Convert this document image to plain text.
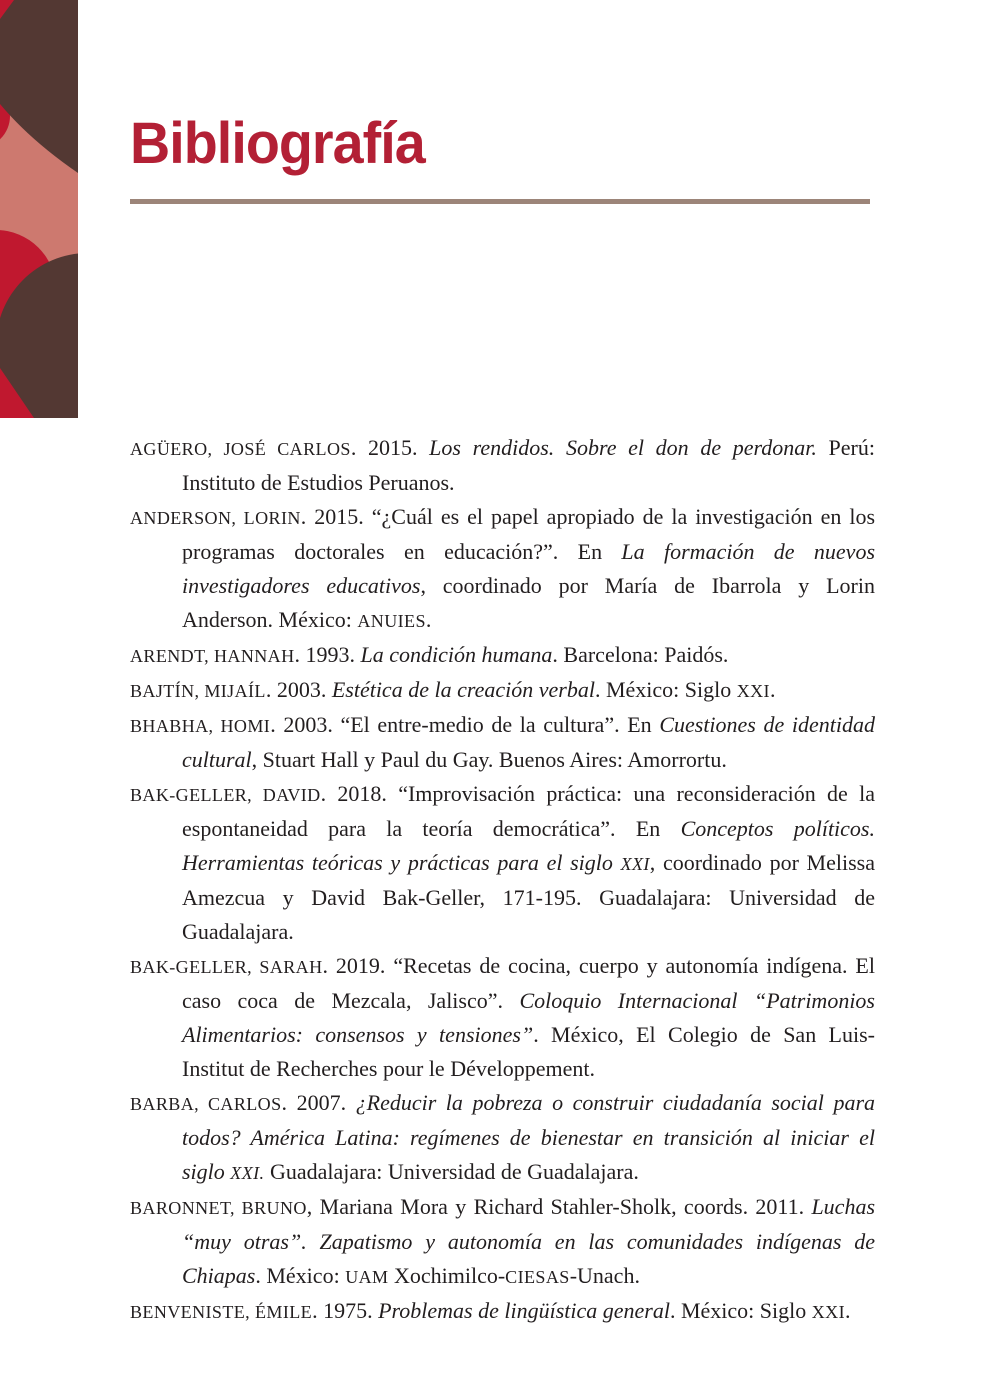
Bibliografía

AGÜERO, JOSÉ CARLOS. 2015. Los rendidos. Sobre el don de perdonar. Perú: Instituto de Estudios Peruanos.

ANDERSON, LORIN. 2015. “¿Cuál es el papel apropiado de la investigación en los programas doctorales en educación?”. En La formación de nuevos investigadores educativos, coordinado por María de Ibarrola y Lorin Anderson. México: ANUIES.

ARENDT, HANNAH. 1993. La condición humana. Barcelona: Paidós.

BAJTÍN, MIJAÍL. 2003. Estética de la creación verbal. México: Siglo XXI.

BHABHA, HOMI. 2003. “El entre-medio de la cultura”. En Cuestiones de identidad cultural, Stuart Hall y Paul du Gay. Buenos Aires: Amorrortu.

BAK-GELLER, DAVID. 2018. “Improvisación práctica: una reconsideración de la espontaneidad para la teoría democrática”. En Conceptos políticos. Herramientas teóricas y prácticas para el siglo XXI, coordinado por Melissa Amezcua y David Bak-Geller, 171-195. Guadalajara: Universidad de Guadalajara.

BAK-GELLER, SARAH. 2019. “Recetas de cocina, cuerpo y autonomía indígena. El caso coca de Mezcala, Jalisco”. Coloquio Internacional “Patrimonios Alimentarios: consensos y tensiones”. México, El Colegio de San Luis-Institut de Recherches pour le Développement.

BARBA, CARLOS. 2007. ¿Reducir la pobreza o construir ciudadanía social para todos? América Latina: regímenes de bienestar en transición al iniciar el siglo XXI. Guadalajara: Universidad de Guadalajara.

BARONNET, BRUNO, Mariana Mora y Richard Stahler-Sholk, coords. 2011. Luchas “muy otras”. Zapatismo y autonomía en las comunidades indígenas de Chiapas. México: UAM Xochimilco-CIESAS-Unach.

BENVENISTE, ÉMILE. 1975. Problemas de lingüística general. México: Siglo XXI.
